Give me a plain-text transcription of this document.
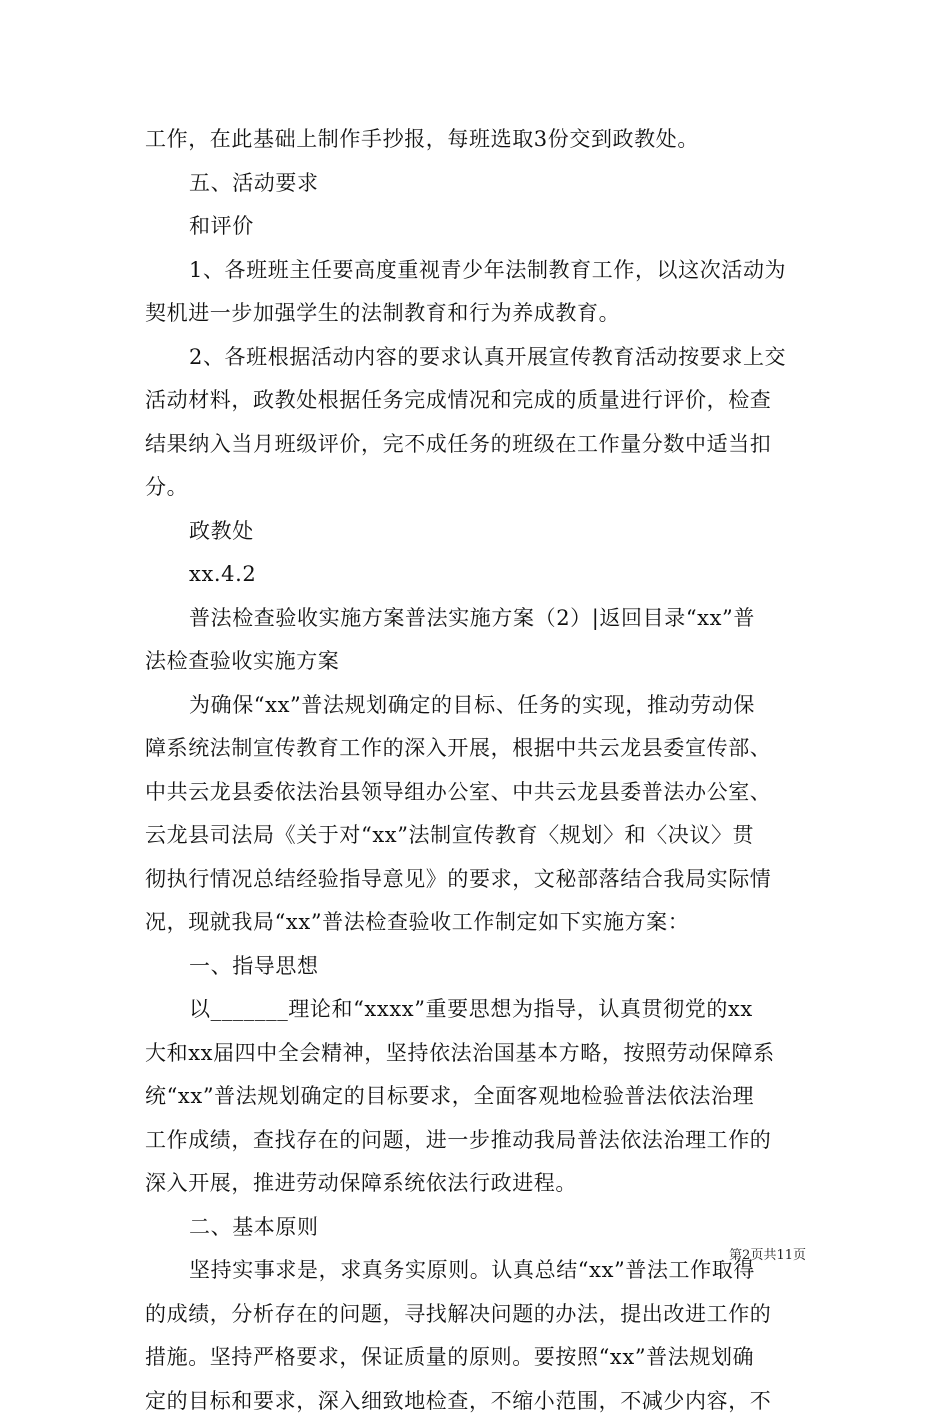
工作，在此基础上制作手抄报，每班选取3份交到政教处。
五、活动要求
和评价
1、各班班主任要高度重视青少年法制教育工作，以这次活动为
契机进一步加强学生的法制教育和行为养成教育。
2、各班根据活动内容的要求认真开展宣传教育活动按要求上交
活动材料，政教处根据任务完成情况和完成的质量进行评价，检查
结果纳入当月班级评价，完不成任务的班级在工作量分数中适当扣
分。
政教处
xx.4.2
普法检查验收实施方案普法实施方案（2）|返回目录“xx”普
法检查验收实施方案
为确保“xx”普法规划确定的目标、任务的实现，推动劳动保
障系统法制宣传教育工作的深入开展，根据中共云龙县委宣传部、
中共云龙县委依法治县领导组办公室、中共云龙县委普法办公室、
云龙县司法局《关于对“xx”法制宣传教育〈规划〉和〈决议〉贯
彻执行情况总结经验指导意见》的要求，文秘部落结合我局实际情
况，现就我局“xx”普法检查验收工作制定如下实施方案：
一、指导思想
以_______理论和“xxxx”重要思想为指导，认真贯彻党的xx
大和xx届四中全会精神，坚持依法治国基本方略，按照劳动保障系
统“xx”普法规划确定的目标要求，全面客观地检验普法依法治理
工作成绩，查找存在的问题，进一步推动我局普法依法治理工作的
深入开展，推进劳动保障系统依法行政进程。
二、基本原则
坚持实事求是，求真务实原则。认真总结“xx”普法工作取得
的成绩，分析存在的问题，寻找解决问题的办法，提出改进工作的
措施。坚持严格要求，保证质量的原则。要按照“xx”普法规划确
定的目标和要求，深入细致地检查，不缩小范围，不减少内容，不
第2页共11页
